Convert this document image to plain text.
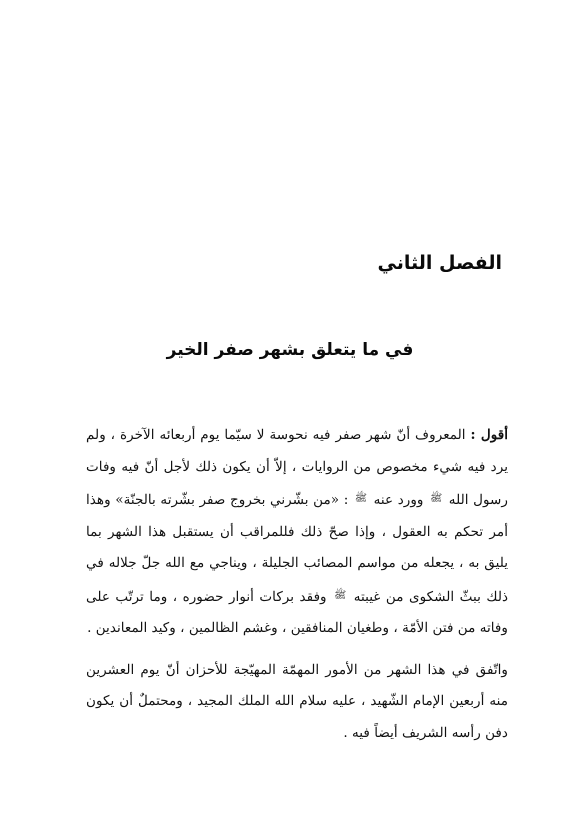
الفصل الثاني
في ما يتعلق بشهر صفر الخير

أقول : المعروف أنّ شهر صفر فيه نحوسة لا سيّما يوم أربعائه الآخرة ، ولم يرد فيه شيء مخصوص من الروايات ، إلاّ أن يكون ذلك لأجل أنّ فيه وفات رسول الله $^ﷺ$ وورد عنه $^ﷺ$ : «من بشّرني بخروج صفر بشّرته بالجنّة» وهذا أمر تحكم به العقول ، وإذا صحّ ذلك فللمراقب أن يستقبل هذا الشهر بما يليق به ، يجعله من مواسم المصائب الجليلة ، ويناجي مع الله جلّ جلاله في ذلك ببثّ الشكوى من غيبته $^ﷺ$ وفقد بركات أنوار حضوره ، وما ترتّب على وفاته من فتن الأمّة ، وطغيان المنافقين ، وغشم الظالمين ، وكيد المعاندين .

واتّفق في هذا الشهر من الأمور المهمّة المهيّجة للأحزان أنّ يوم العشرين منه أربعين الإمام الشّهيد ، عليه سلام الله الملك المجيد ، ومحتملٌ أن يكون دفن رأسه الشريف أيضاً فيه .
